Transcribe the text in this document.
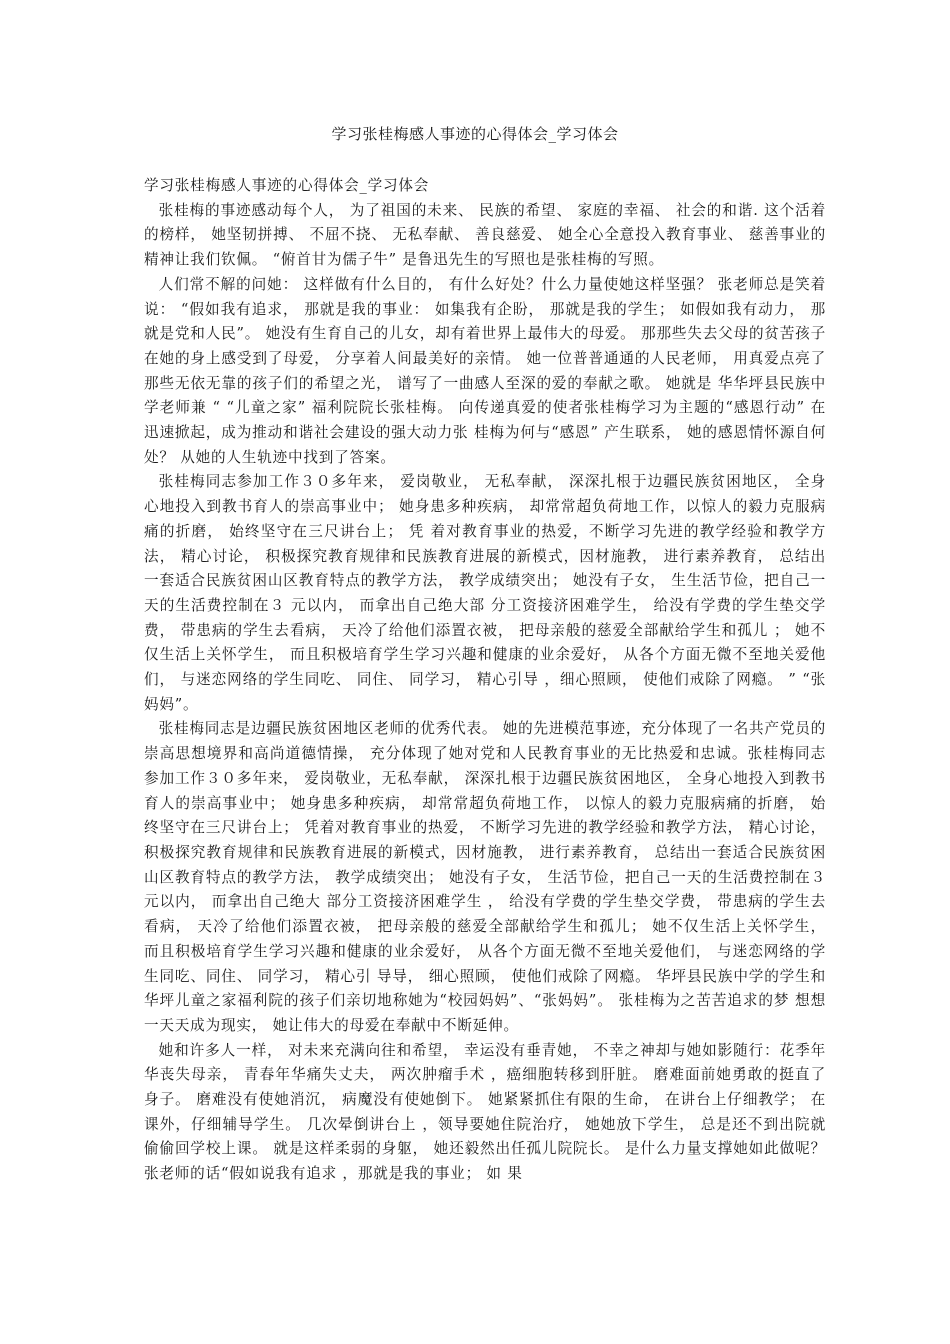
学习张桂梅感人事迹的心得体会_学习体会

学习张桂梅感人事迹的心得体会_学习体会

张桂梅的事迹感动每个人， 为了祖国的未来、 民族的希望、 家庭的幸福、 社会的和谐. 这个活着的榜样， 她坚韧拼搏、 不屈不挠、 无私奉献、 善良慈爱、 她全心全意投入教育事业、 慈善事业的精神让我们钦佩。 “俯首甘为儒子牛” 是鲁迅先生的写照也是张桂梅的写照。

人们常不解的问她： 这样做有什么目的， 有什么好处？什么力量使她这样坚强？ 张老师总是笑着说： “假如我有追求， 那就是我的事业： 如集我有企盼， 那就是我的学生； 如假如我有动力， 那就是党和人民”。 她没有生育自己的儿女，却有着世界上最伟大的母爱。 那那些失去父母的贫苦孩子在她的身上感受到了母爱， 分享着人间最美好的亲情。 她一位普普通通的人民老师， 用真爱点亮了那些无依无靠的孩子们的希望之光， 谱写了一曲感人至深的爱的奉献之歌。 她就是 华华坪县民族中学老师兼 “ “儿童之家” 福利院院长张桂梅。 向传递真爱的使者张桂梅学习为主题的“感恩行动” 在迅速掀起，成为推动和谐社会建设的强大动力张 桂梅为何与“感恩” 产生联系， 她的感恩情怀源自何处？ 从她的人生轨迹中找到了答案。

张桂梅同志参加工作３０多年来， 爱岗敬业， 无私奉献， 深深扎根于边疆民族贫困地区， 全身心地投入到教书育人的崇高事业中； 她身患多种疾病， 却常常超负荷地工作，以惊人的毅力克服病痛的折磨， 始终坚守在三尺讲台上； 凭 着对教育事业的热爱，不断学习先进的教学经验和教学方法， 精心讨论， 积极探究教育规律和民族教育进展的新模式，因材施教， 进行素养教育， 总结出一套适合民族贫困山区教育特点的教学方法， 教学成绩突出； 她没有子女， 生生活节俭，把自己一天的生活费控制在３ 元以内， 而拿出自己绝大部 分工资接济困难学生， 给没有学费的学生垫交学费， 带患病的学生去看病， 天冷了给他们添置衣被， 把母亲般的慈爱全部献给学生和孤儿 ； 她不仅生活上关怀学生， 而且积极培育学生学习兴趣和健康的业余爱好， 从各个方面无微不至地关爱他们， 与迷恋网络的学生同吃、 同住、 同学习， 精心引导 ，细心照顾， 使他们戒除了网瘾。 ” “张妈妈”。

张桂梅同志是边疆民族贫困地区老师的优秀代表。 她的先进模范事迹，充分体现了一名共产党员的崇高思想境界和高尚道德情操， 充分体现了她对党和人民教育事业的无比热爱和忠诚。张桂梅同志参加工作３０多年来， 爱岗敬业，无私奉献， 深深扎根于边疆民族贫困地区， 全身心地投入到教书育人的崇高事业中； 她身患多种疾病， 却常常超负荷地工作， 以惊人的毅力克服病痛的折磨， 始终坚守在三尺讲台上； 凭着对教育事业的热爱， 不断学习先进的教学经验和教学方法， 精心讨论， 积极探究教育规律和民族教育进展的新模式，因材施教， 进行素养教育， 总结出一套适合民族贫困山区教育特点的教学方法， 教学成绩突出； 她没有子女， 生活节俭，把自己一天的生活费控制在３ 元以内， 而拿出自己绝大 部分工资接济困难学生 ， 给没有学费的学生垫交学费， 带患病的学生去看病， 天冷了给他们添置衣被， 把母亲般的慈爱全部献给学生和孤儿； 她不仅生活上关怀学生， 而且积极培育学生学习兴趣和健康的业余爱好， 从各个方面无微不至地关爱他们， 与迷恋网络的学生同吃、同住、 同学习， 精心引 导导， 细心照顾， 使他们戒除了网瘾。 华坪县民族中学的学生和华坪儿童之家福利院的孩子们亲切地称她为“校园妈妈”、“张妈妈”。 张桂梅为之苦苦追求的梦 想想一天天成为现实， 她让伟大的母爱在奉献中不断延伸。

她和许多人一样， 对未来充满向往和希望， 幸运没有垂青她， 不幸之神却与她如影随行：花季年华丧失母亲， 青春年华痛失丈夫， 两次肿瘤手术 ，癌细胞转移到肝脏。 磨难面前她勇敢的挺直了身子。 磨难没有使她消沉， 病魔没有使她倒下。 她紧紧抓住有限的生命， 在讲台上仔细教学； 在课外，仔细辅导学生。 几次晕倒讲台上 ，领导要她住院治疗， 她她放下学生， 总是还不到出院就偷偷回学校上课。 就是这样柔弱的身躯， 她还毅然出任孤儿院院长。 是什么力量支撑她如此做呢？ 张老师的话“假如说我有追求 ，那就是我的事业； 如 果
